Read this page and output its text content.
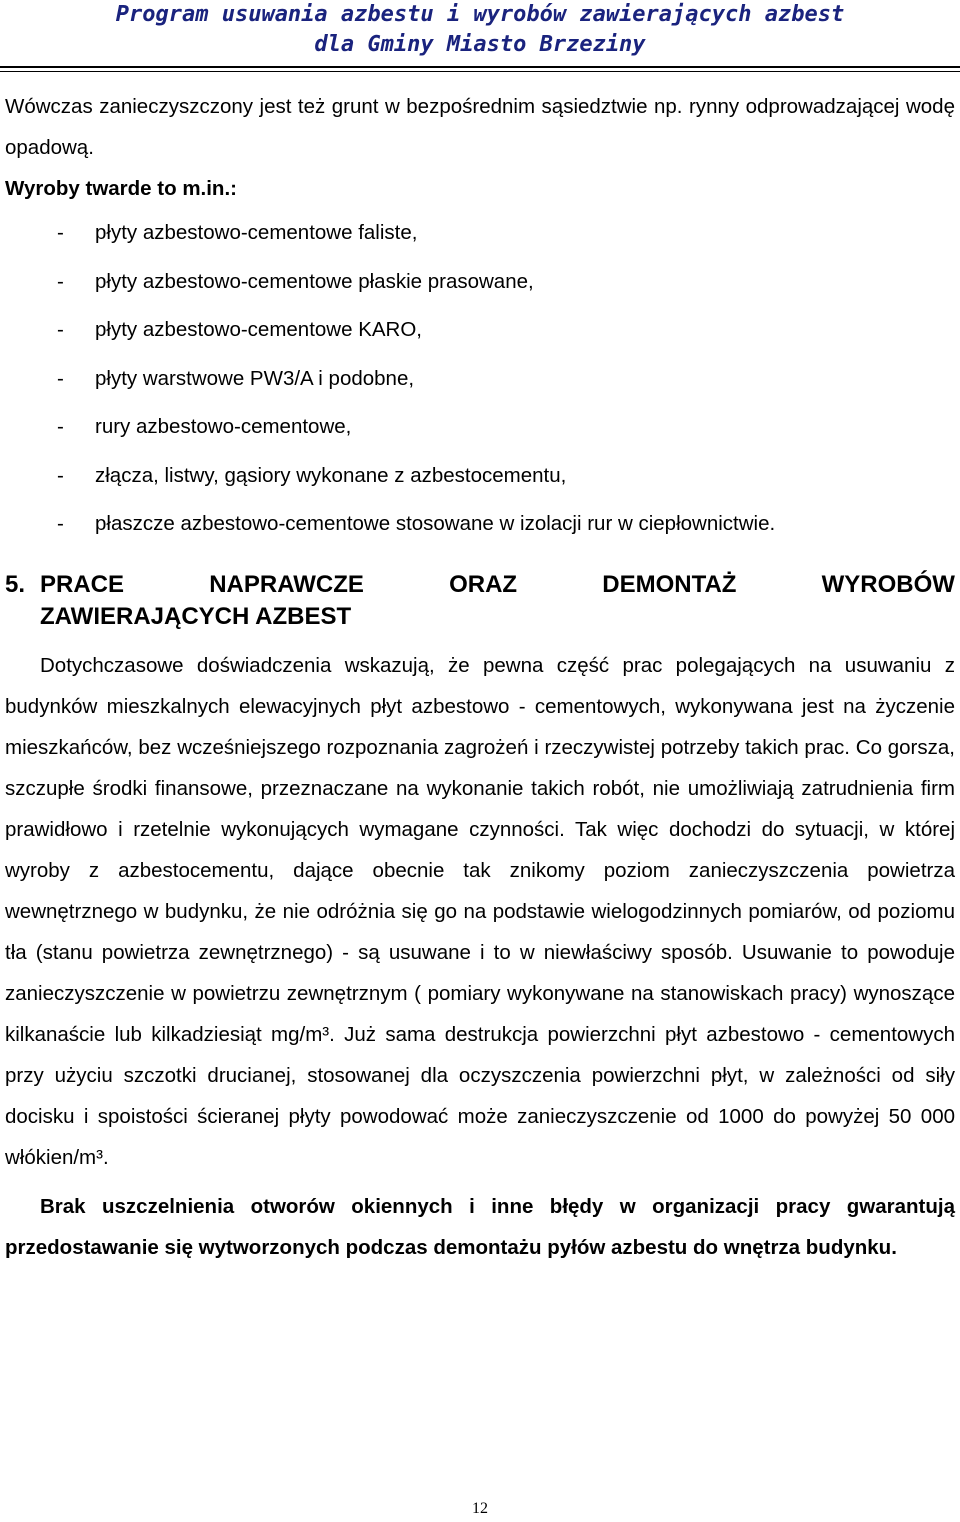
Program usuwania azbestu i wyrobów zawierających azbest
dla Gminy Miasto Brzeziny

Wówczas zanieczyszczony jest też grunt w bezpośrednim sąsiedztwie np. rynny odprowadzającej wodę opadową.

Wyroby twarde to m.in.:

- płyty azbestowo-cementowe faliste,
- płyty azbestowo-cementowe płaskie prasowane,
- płyty azbestowo-cementowe KARO,
- płyty warstwowe PW3/A i podobne,
- rury azbestowo-cementowe,
- złącza, listwy, gąsiory wykonane z azbestocementu,
- płaszcze azbestowo-cementowe stosowane w izolacji rur w ciepłownictwie.
5. PRACE	NAPRAWCZE	ORAZ	DEMONTAŻ	WYROBÓW
ZAWIERAJĄCYCH AZBEST

Dotychczasowe doświadczenia wskazują, że pewna część prac polegających na usuwaniu z budynków mieszkalnych elewacyjnych płyt azbestowo - cementowych, wykonywana jest na życzenie mieszkańców, bez wcześniejszego rozpoznania zagrożeń i rzeczywistej potrzeby takich prac. Co gorsza, szczupłe środki finansowe, przeznaczane na wykonanie takich robót, nie umożliwiają zatrudnienia firm prawidłowo i rzetelnie wykonujących wymagane czynności. Tak więc dochodzi do sytuacji, w której wyroby z azbestocementu, dające obecnie tak znikomy poziom zanieczyszczenia powietrza wewnętrznego w budynku, że nie odróżnia się go na podstawie wielogodzinnych pomiarów, od poziomu tła (stanu powietrza zewnętrznego) - są usuwane i to w niewłaściwy sposób. Usuwanie to powoduje zanieczyszczenie w powietrzu zewnętrznym ( pomiary wykonywane na stanowiskach pracy) wynoszące kilkanaście lub kilkadziesiąt mg/m³. Już sama destrukcja powierzchni płyt azbestowo - cementowych przy użyciu szczotki drucianej, stosowanej dla oczyszczenia powierzchni płyt, w zależności od siły docisku i spoistości ścieranej płyty powodować może zanieczyszczenie od 1000 do powyżej 50 000 włókien/m³.

Brak uszczelnienia otworów okiennych i inne błędy w organizacji pracy gwarantują przedostawanie się wytworzonych podczas demontażu pyłów azbestu do wnętrza budynku.

12
